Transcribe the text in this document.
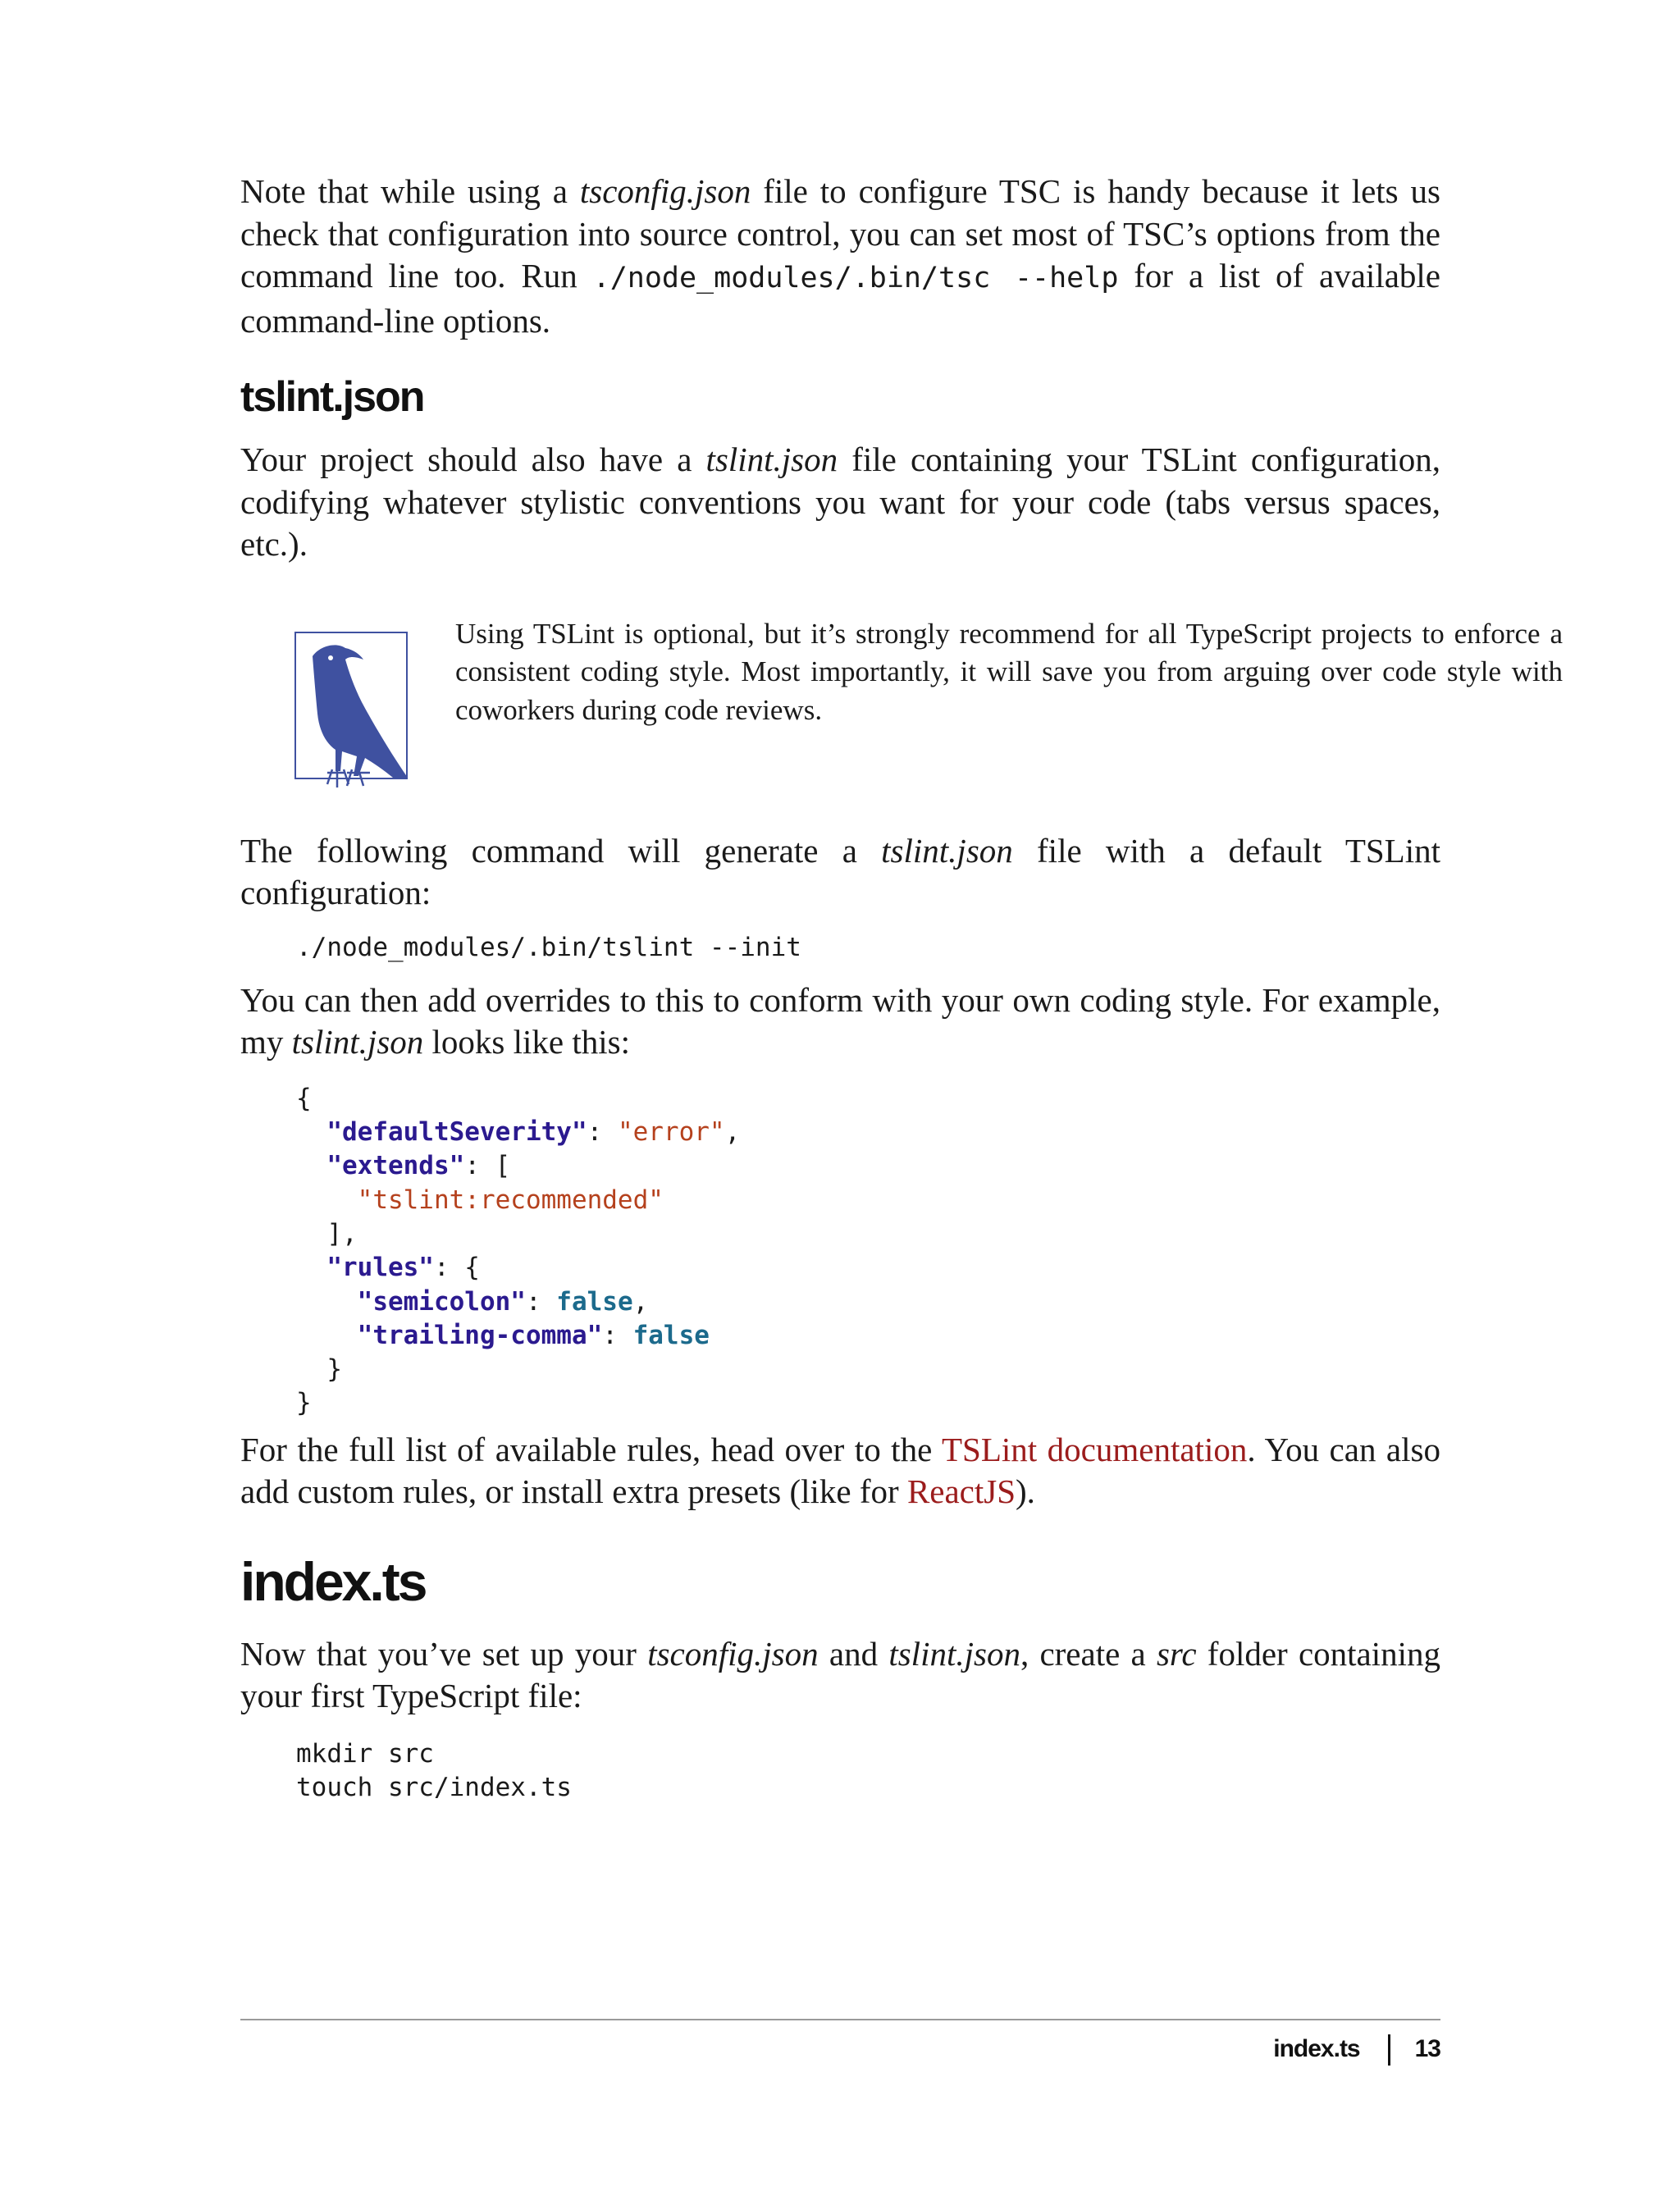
Note that while using a tsconfig.json file to configure TSC is handy because it lets us check that configuration into source control, you can set most of TSC’s options from the command line too. Run ./node_modules/.bin/tsc --help for a list of available command-line options.

tslint.json

Your project should also have a tslint.json file containing your TSLint configuration, codifying whatever stylistic conventions you want for your code (tabs versus spaces, etc.).

Using TSLint is optional, but it’s strongly recommend for all TypeScript projects to enforce a consistent coding style. Most importantly, it will save you from arguing over code style with coworkers during code reviews.

The following command will generate a tslint.json file with a default TSLint configuration:

./node_modules/.bin/tslint --init

You can then add overrides to this to conform with your own coding style. For example, my tslint.json looks like this:

{
"defaultSeverity": "error",
"extends": [
"tslint:recommended"
],
"rules": {
"semicolon": false,
"trailing-comma": false
}
}

For the full list of available rules, head over to the TSLint documentation. You can also add custom rules, or install extra presets (like for ReactJS).

index.ts

Now that you’ve set up your tsconfig.json and tslint.json, create a src folder containing your first TypeScript file:

mkdir src
touch src/index.ts
index.ts 13
